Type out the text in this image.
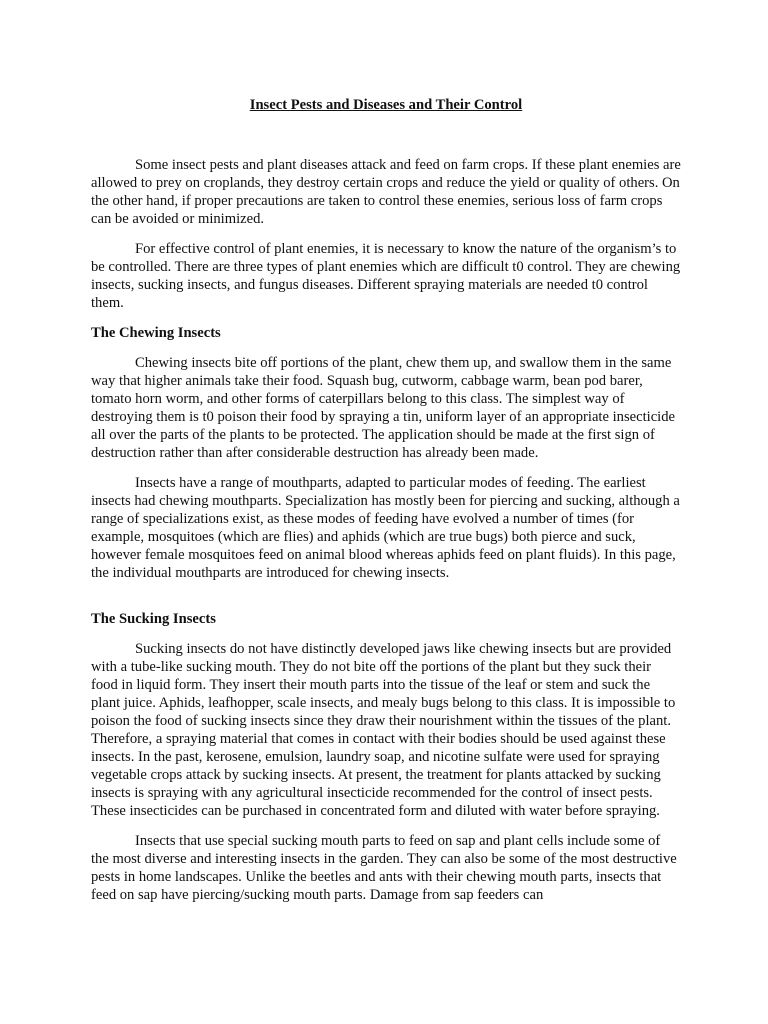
Insect Pests and Diseases and Their Control

Some insect pests and plant diseases attack and feed on farm crops. If these plant enemies are allowed to prey on croplands, they destroy certain crops and reduce the yield or quality of others. On the other hand, if proper precautions are taken to control these enemies, serious loss of farm crops can be avoided or minimized.

For effective control of plant enemies, it is necessary to know the nature of the organism’s to be controlled. There are three types of plant enemies which are difficult t0 control. They are chewing insects, sucking insects, and fungus diseases. Different spraying materials are needed t0 control them.

The Chewing Insects

Chewing insects bite off portions of the plant, chew them up, and swallow them in the same way that higher animals take their food. Squash bug, cutworm, cabbage warm, bean pod barer, tomato horn worm, and other forms of caterpillars belong to this class. The simplest way of destroying them is t0 poison their food by spraying a tin, uniform layer of an appropriate insecticide all over the parts of the plants to be protected. The application should be made at the first sign of destruction rather than after considerable destruction has already been made.

Insects have a range of mouthparts, adapted to particular modes of feeding. The earliest insects had chewing mouthparts. Specialization has mostly been for piercing and sucking, although a range of specializations exist, as these modes of feeding have evolved a number of times (for example, mosquitoes (which are flies) and aphids (which are true bugs) both pierce and suck, however female mosquitoes feed on animal blood whereas aphids feed on plant fluids). In this page, the individual mouthparts are introduced for chewing insects.

The Sucking Insects

Sucking insects do not have distinctly developed jaws like chewing insects but are provided with a tube-like sucking mouth. They do not bite off the portions of the plant but they suck their food in liquid form. They insert their mouth parts into the tissue of the leaf or stem and suck the plant juice. Aphids, leafhopper, scale insects, and mealy bugs belong to this class. It is impossible to poison the food of sucking insects since they draw their nourishment within the tissues of the plant. Therefore, a spraying material that comes in contact with their bodies should be used against these insects. In the past, kerosene, emulsion, laundry soap, and nicotine sulfate were used for spraying vegetable crops attack by sucking insects. At present, the treatment for plants attacked by sucking insects is spraying with any agricultural insecticide recommended for the control of insect pests. These insecticides can be purchased in concentrated form and diluted with water before spraying.

Insects that use special sucking mouth parts to feed on sap and plant cells include some of the most diverse and interesting insects in the garden. They can also be some of the most destructive pests in home landscapes. Unlike the beetles and ants with their chewing mouth parts, insects that feed on sap have piercing/sucking mouth parts. Damage from sap feeders can
